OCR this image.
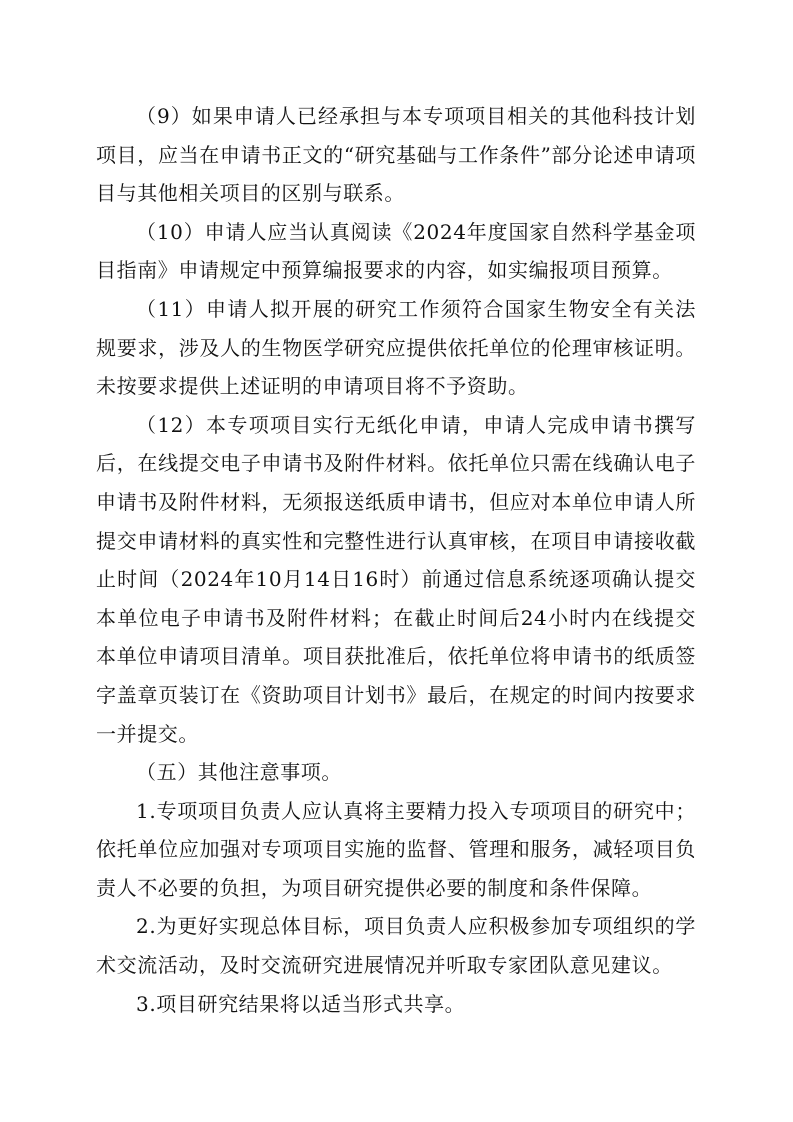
（9）如果申请人已经承担与本专项项目相关的其他科技计划项目，应当在申请书正文的“研究基础与工作条件”部分论述申请项目与其他相关项目的区别与联系。

（10）申请人应当认真阅读《2024年度国家自然科学基金项目指南》申请规定中预算编报要求的内容，如实编报项目预算。

（11）申请人拟开展的研究工作须符合国家生物安全有关法规要求，涉及人的生物医学研究应提供依托单位的伦理审核证明。未按要求提供上述证明的申请项目将不予资助。

（12）本专项项目实行无纸化申请，申请人完成申请书撰写后，在线提交电子申请书及附件材料。依托单位只需在线确认电子申请书及附件材料，无须报送纸质申请书，但应对本单位申请人所提交申请材料的真实性和完整性进行认真审核，在项目申请接收截止时间（2024年10月14日16时）前通过信息系统逐项确认提交本单位电子申请书及附件材料；在截止时间后24小时内在线提交本单位申请项目清单。项目获批准后，依托单位将申请书的纸质签字盖章页装订在《资助项目计划书》最后，在规定的时间内按要求一并提交。

（五）其他注意事项。

1.专项项目负责人应认真将主要精力投入专项项目的研究中；依托单位应加强对专项项目实施的监督、管理和服务，减轻项目负责人不必要的负担，为项目研究提供必要的制度和条件保障。

2.为更好实现总体目标，项目负责人应积极参加专项组织的学术交流活动，及时交流研究进展情况并听取专家团队意见建议。

3.项目研究结果将以适当形式共享。
